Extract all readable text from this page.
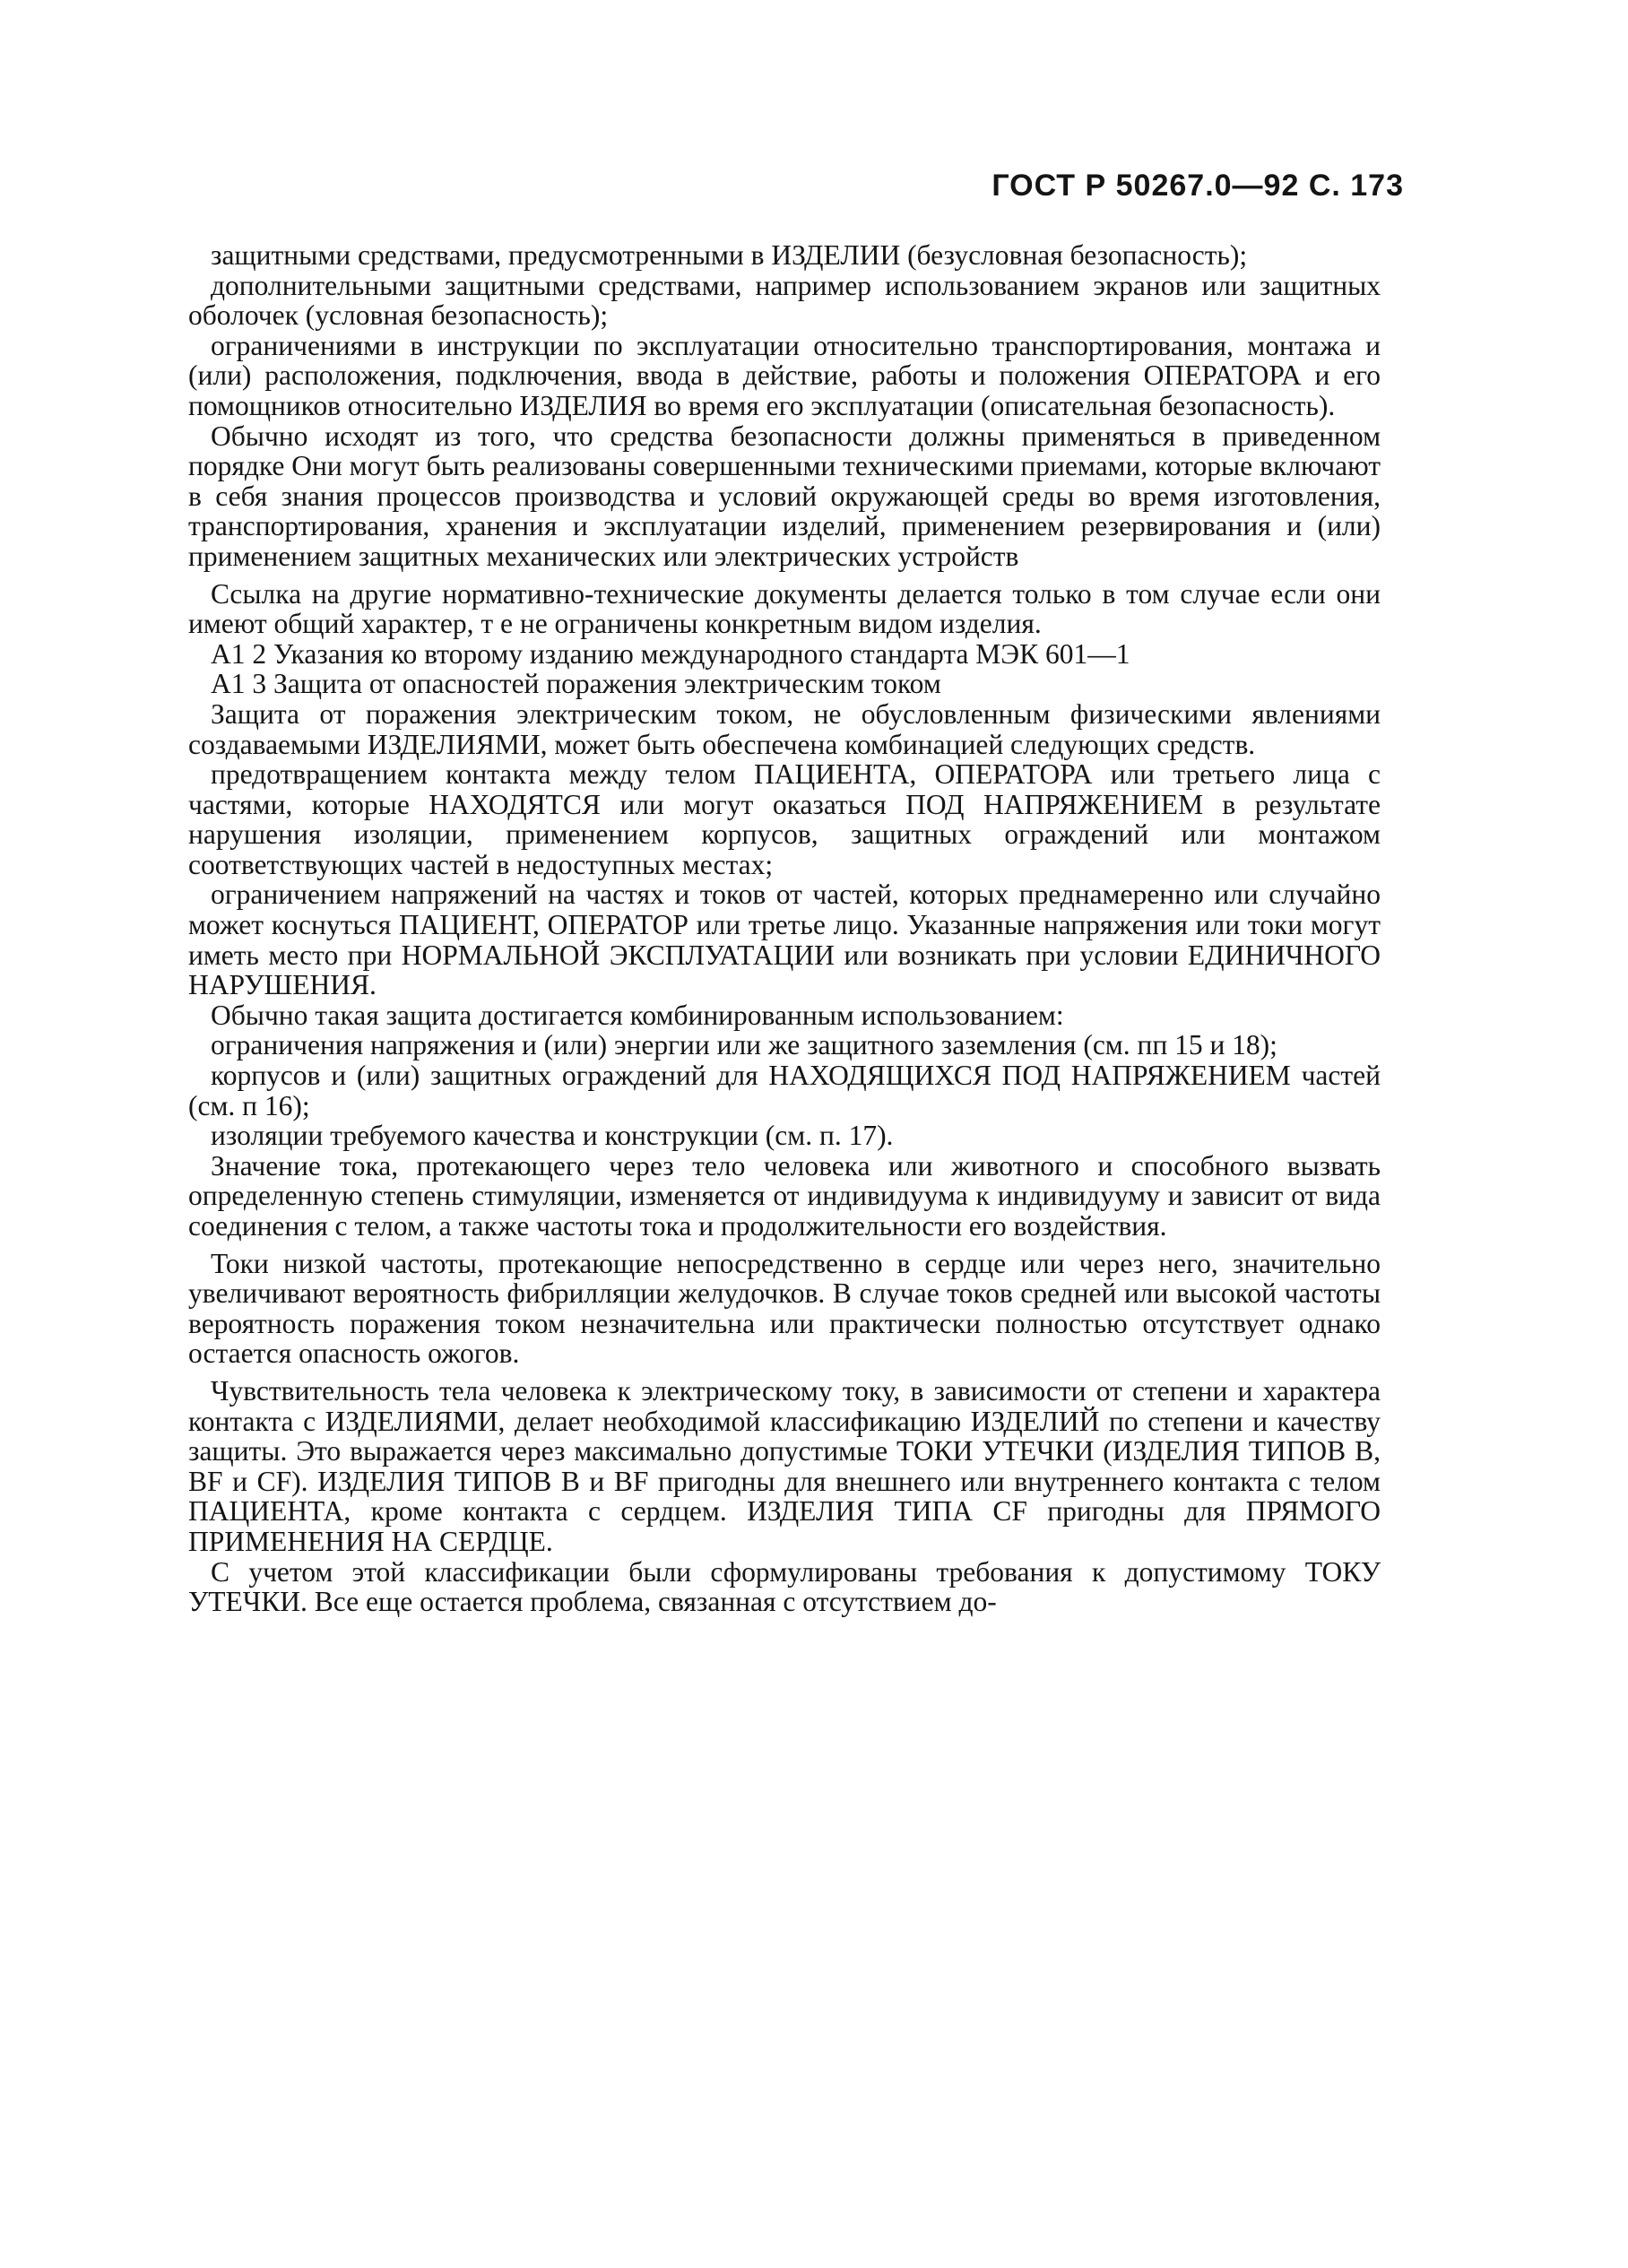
ГОСТ Р 50267.0—92 С. 173

защитными средствами, предусмотренными в ИЗДЕЛИИ (безусловная безопасность);

дополнительными защитными средствами, например использованием экранов или защитных оболочек (условная безопасность);

ограничениями в инструкции по эксплуатации относительно транспортирования, монтажа и (или) расположения, подключения, ввода в действие, работы и положения ОПЕРАТОРА и его помощников относительно ИЗДЕЛИЯ во время его эксплуатации (описательная безопасность).

Обычно исходят из того, что средства безопасности должны применяться в приведенном порядке Они могут быть реализованы совершенными техническими приемами, которые включают в себя знания процессов производства и условий окружающей среды во время изготовления, транспортирования, хранения и эксплуатации изделий, применением резервирования и (или) применением защитных механических или электрических устройств

Ссылка на другие нормативно-технические документы делается только в том случае если они имеют общий характер, т е не ограничены конкретным видом изделия.

А1 2 Указания ко второму изданию международного стандарта МЭК 601—1

А1 3 Защита от опасностей поражения электрическим током

Защита от поражения электрическим током, не обусловленным физическими явлениями создаваемыми ИЗДЕЛИЯМИ, может быть обеспечена комбинацией следующих средств.

предотвращением контакта между телом ПАЦИЕНТА, ОПЕРАТОРА или третьего лица с частями, которые НАХОДЯТСЯ или могут оказаться ПОД НАПРЯЖЕНИЕМ в результате нарушения изоляции, применением корпусов, защитных ограждений или монтажом соответствующих частей в недоступных местах;

ограничением напряжений на частях и токов от частей, которых преднамеренно или случайно может коснуться ПАЦИЕНТ, ОПЕРАТОР или третье лицо. Указанные напряжения или токи могут иметь место при НОРМАЛЬНОЙ ЭКСПЛУАТАЦИИ или возникать при условии ЕДИНИЧНОГО НАРУШЕНИЯ.

Обычно такая защита достигается комбинированным использованием:

ограничения напряжения и (или) энергии или же защитного заземления (см. пп 15 и 18);

корпусов и (или) защитных ограждений для НАХОДЯЩИХСЯ ПОД НАПРЯЖЕНИЕМ частей (см. п 16);

изоляции требуемого качества и конструкции (см. п. 17).

Значение тока, протекающего через тело человека или животного и способного вызвать определенную степень стимуляции, изменяется от индивидуума к индивидууму и зависит от вида соединения с телом, а также частоты тока и продолжительности его воздействия.

Токи низкой частоты, протекающие непосредственно в сердце или через него, значительно увеличивают вероятность фибрилляции желудочков. В случае токов средней или высокой частоты вероятность поражения током незначительна или практически полностью отсутствует однако остается опасность ожогов.

Чувствительность тела человека к электрическому току, в зависимости от степени и характера контакта с ИЗДЕЛИЯМИ, делает необходимой классификацию ИЗДЕЛИЙ по степени и качеству защиты. Это выражается через максимально допустимые ТОКИ УТЕЧКИ (ИЗДЕЛИЯ ТИПОВ В, BF и CF). ИЗДЕЛИЯ ТИПОВ В и BF пригодны для внешнего или внутреннего контакта с телом ПАЦИЕНТА, кроме контакта с сердцем. ИЗДЕЛИЯ ТИПА CF пригодны для ПРЯМОГО ПРИМЕНЕНИЯ НА СЕРДЦЕ.

С учетом этой классификации были сформулированы требования к допустимому ТОКУ УТЕЧКИ. Все еще остается проблема, связанная с отсутствием до-
